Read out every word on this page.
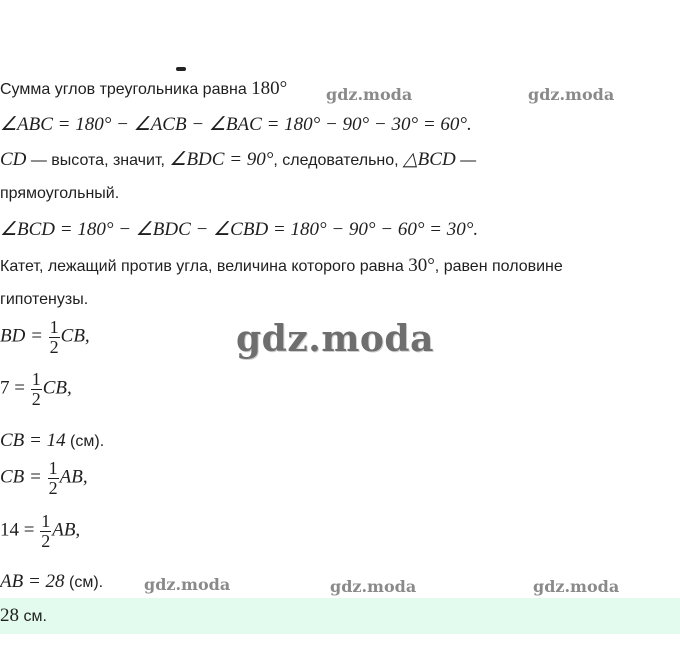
Сумма углов треугольника равна 180°
∠ABC = 180° − ∠ACB − ∠BAC = 180° − 90° − 30° = 60°.
CD — высота, значит, ∠BDC = 90°, следовательно, △BCD —
прямоугольный.
∠BCD = 180° − ∠BDC − ∠CBD = 180° − 90° − 60° = 30°.
Катет, лежащий против угла, величина которого равна 30°, равен половине
гипотенузы.
BD = $\frac{1}{2}$ CB,
$7 = \frac{1}{2}$ CB,
CB = 14 (см).
CB = $\frac{1}{2}$ AB,
$14 = \frac{1}{2}$ AB,
AB = 28 (см).
28 см.
gdz.moda	gdz.moda
gdz.moda
gdz.moda	gdz.moda	gdz.moda
